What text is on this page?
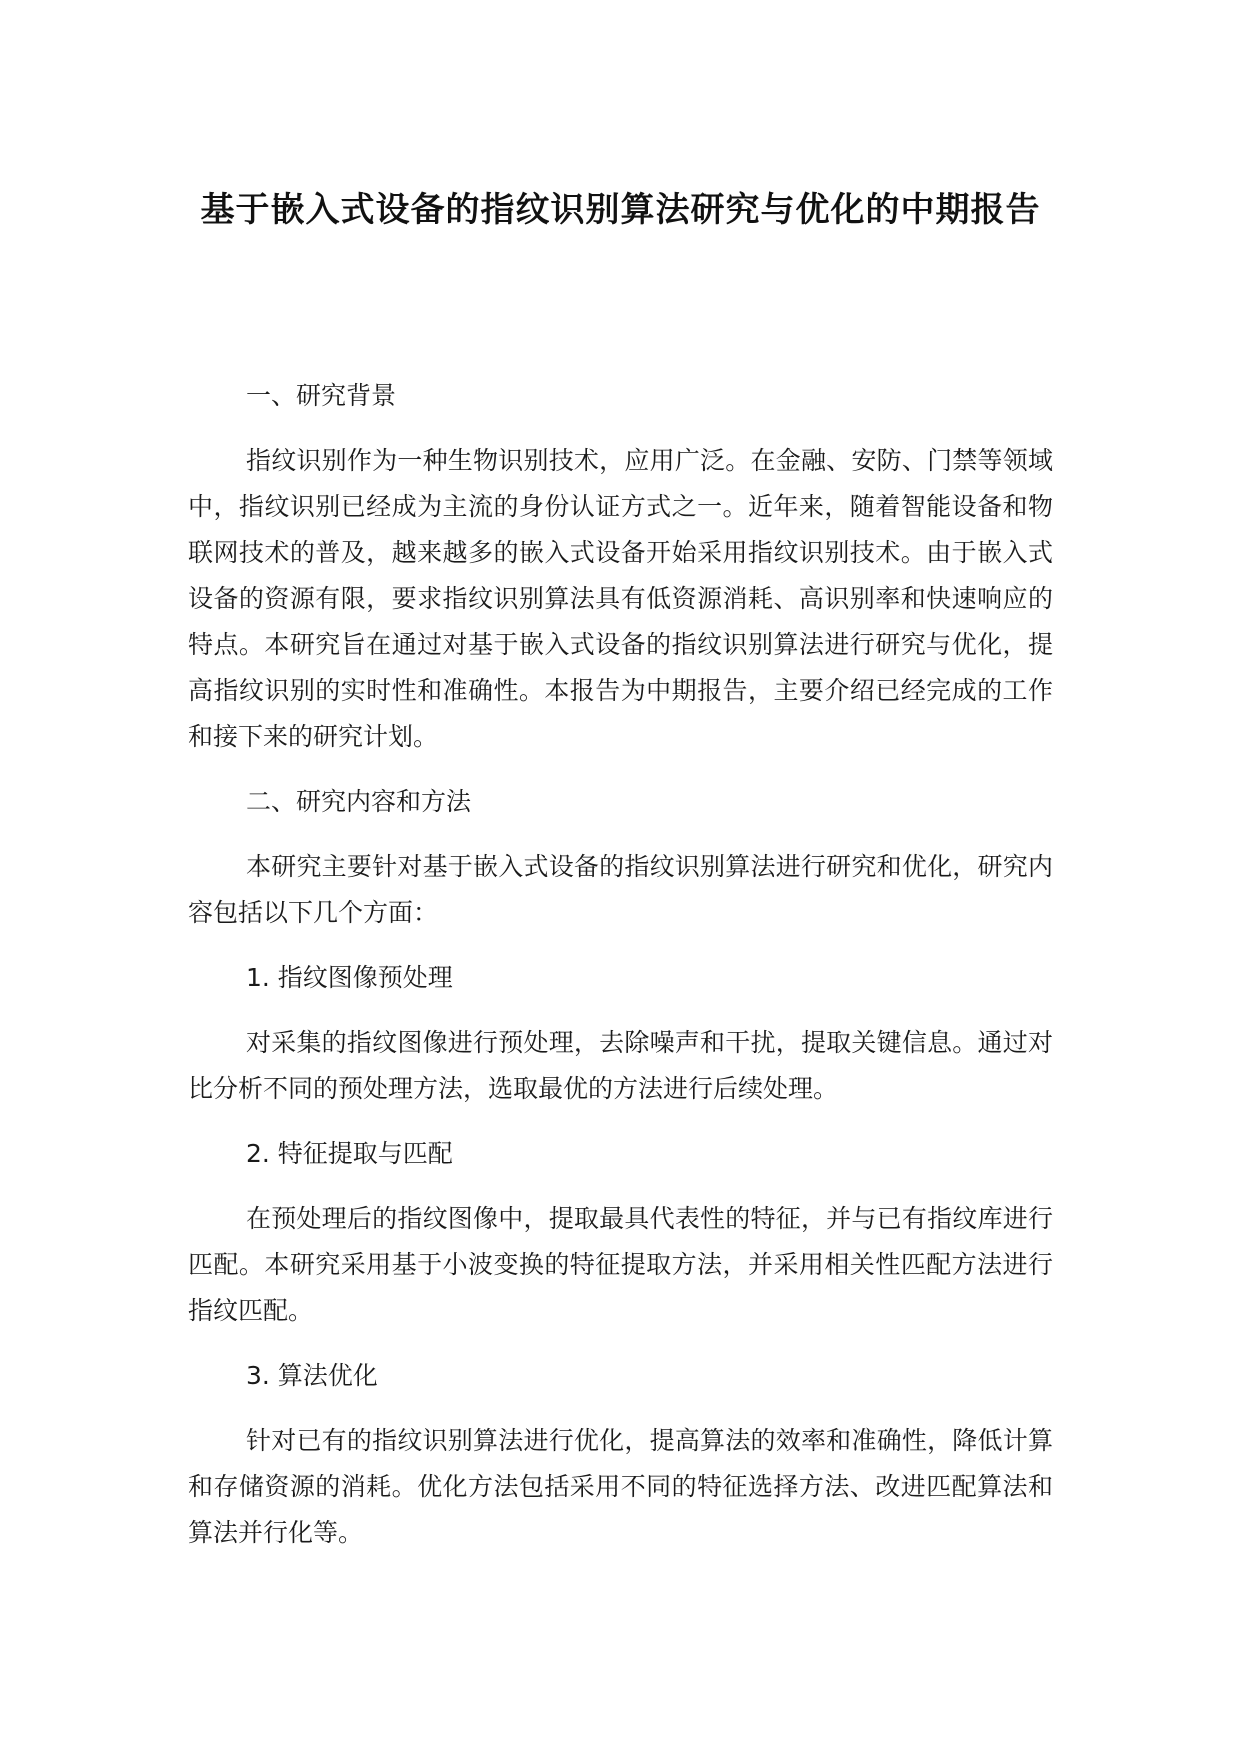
基于嵌入式设备的指纹识别算法研究与优化的中期报告

一、研究背景

指纹识别作为一种生物识别技术，应用广泛。在金融、安防、门禁等领域中，指纹识别已经成为主流的身份认证方式之一。近年来，随着智能设备和物联网技术的普及，越来越多的嵌入式设备开始采用指纹识别技术。由于嵌入式设备的资源有限，要求指纹识别算法具有低资源消耗、高识别率和快速响应的特点。本研究旨在通过对基于嵌入式设备的指纹识别算法进行研究与优化，提高指纹识别的实时性和准确性。本报告为中期报告，主要介绍已经完成的工作和接下来的研究计划。

二、研究内容和方法

本研究主要针对基于嵌入式设备的指纹识别算法进行研究和优化，研究内容包括以下几个方面：

1. 指纹图像预处理

对采集的指纹图像进行预处理，去除噪声和干扰，提取关键信息。通过对比分析不同的预处理方法，选取最优的方法进行后续处理。

2. 特征提取与匹配

在预处理后的指纹图像中，提取最具代表性的特征，并与已有指纹库进行匹配。本研究采用基于小波变换的特征提取方法，并采用相关性匹配方法进行指纹匹配。

3. 算法优化

针对已有的指纹识别算法进行优化，提高算法的效率和准确性，降低计算和存储资源的消耗。优化方法包括采用不同的特征选择方法、改进匹配算法和算法并行化等。
